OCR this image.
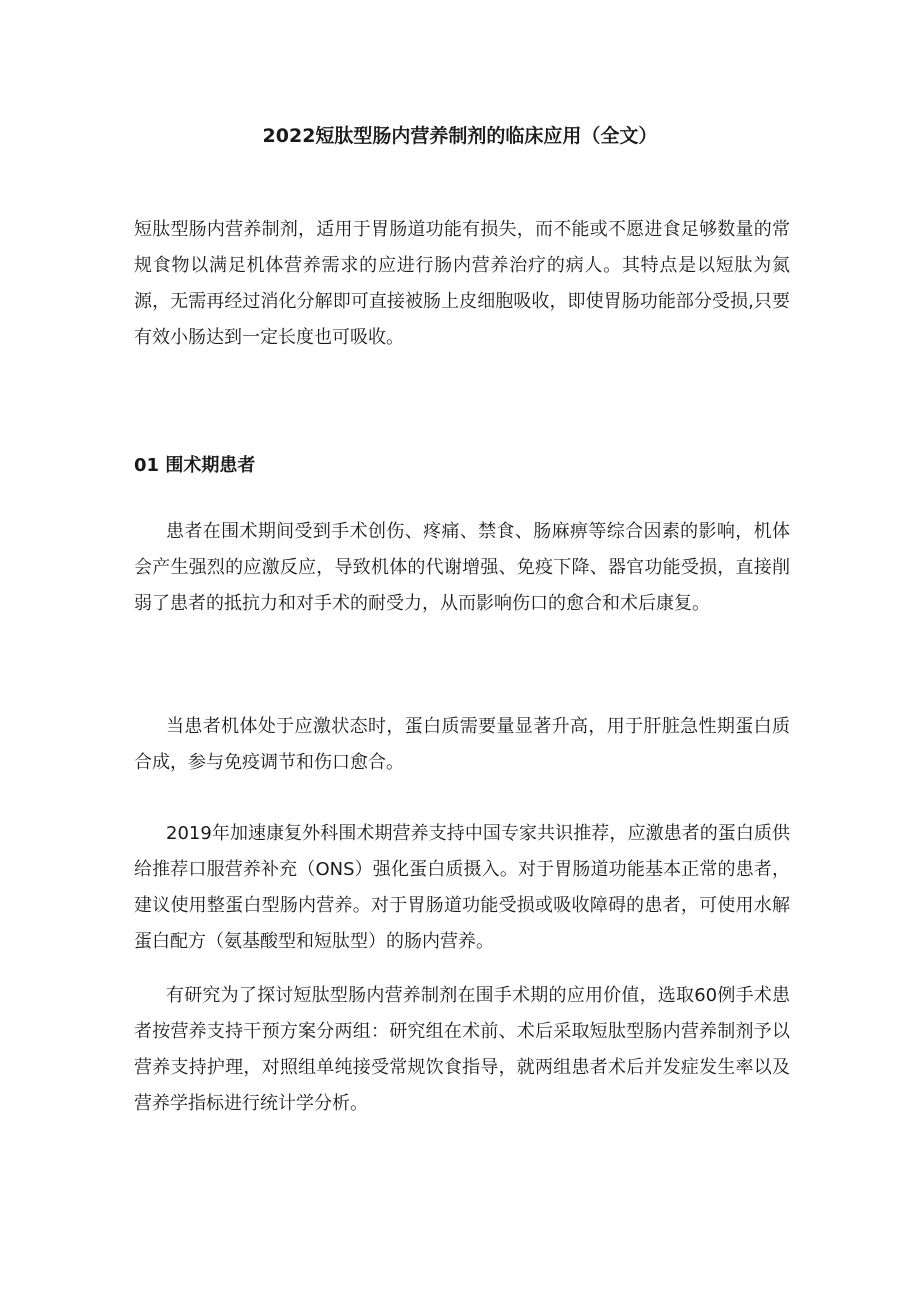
2022短肽型肠内营养制剂的临床应用（全文）

短肽型肠内营养制剂，适用于胃肠道功能有损失，而不能或不愿进食足够数量的常规食物以满足机体营养需求的应进行肠内营养治疗的病人。其特点是以短肽为氮源，无需再经过消化分解即可直接被肠上皮细胞吸收，即使胃肠功能部分受损,只要有效小肠达到一定长度也可吸收。

01 围术期患者

患者在围术期间受到手术创伤、疼痛、禁食、肠麻痹等综合因素的影响，机体会产生强烈的应激反应，导致机体的代谢增强、免疫下降、器官功能受损，直接削弱了患者的抵抗力和对手术的耐受力，从而影响伤口的愈合和术后康复。

当患者机体处于应激状态时，蛋白质需要量显著升高，用于肝脏急性期蛋白质合成，参与免疫调节和伤口愈合。

2019年加速康复外科围术期营养支持中国专家共识推荐，应激患者的蛋白质供给推荐口服营养补充（ONS）强化蛋白质摄入。对于胃肠道功能基本正常的患者，建议使用整蛋白型肠内营养。对于胃肠道功能受损或吸收障碍的患者，可使用水解蛋白配方（氨基酸型和短肽型）的肠内营养。

有研究为了探讨短肽型肠内营养制剂在围手术期的应用价值，选取60例手术患者按营养支持干预方案分两组：研究组在术前、术后采取短肽型肠内营养制剂予以营养支持护理，对照组单纯接受常规饮食指导，就两组患者术后并发症发生率以及营养学指标进行统计学分析。
